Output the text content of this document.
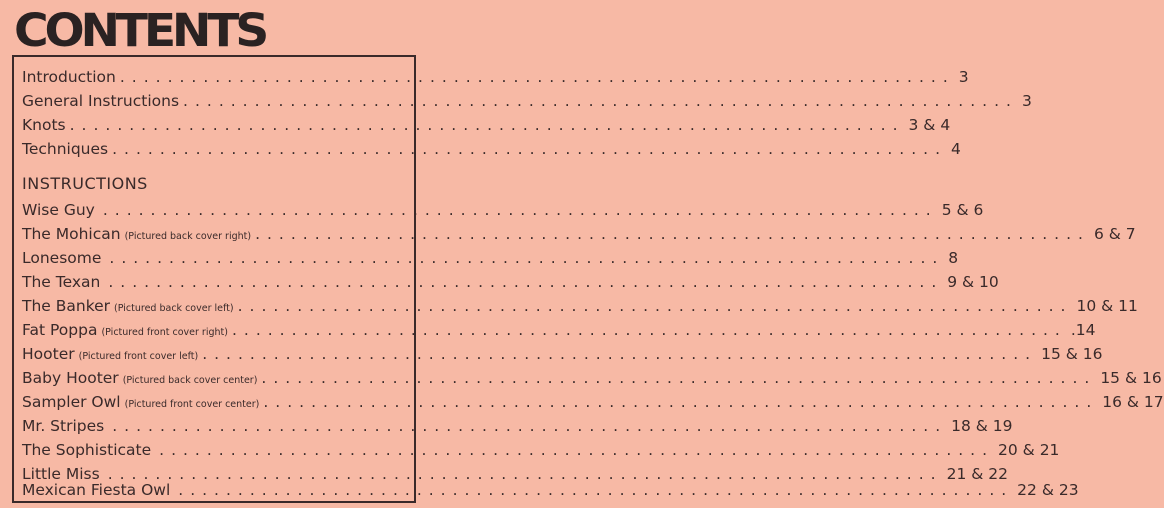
CONTENTS
Introduction ...................................................................... 3
General Instructions ...................................................................... 3
Knots ...................................................................... 3 & 4
Techniques ...................................................................... 4
INSTRUCTIONS
Wise Guy ...................................................................... 5 & 6
The Mohican (Pictured back cover right) ...................................................................... 6 & 7
Lonesome ...................................................................... 8
The Texan ...................................................................... 9 & 10
The Banker (Pictured back cover left) ...................................................................... 10 & 11
Fat Poppa (Pictured front cover right) ...................................................................... .14
Hooter (Pictured front cover left) ...................................................................... 15 & 16
Baby Hooter (Pictured back cover center) ...................................................................... 15 & 16
Sampler Owl (Pictured front cover center) ...................................................................... 16 & 17
Mr. Stripes ...................................................................... 18 & 19
The Sophisticate ...................................................................... 20 & 21
Little Miss ...................................................................... 21 & 22
Mexican Fiesta Owl ...................................................................... 22 & 23
